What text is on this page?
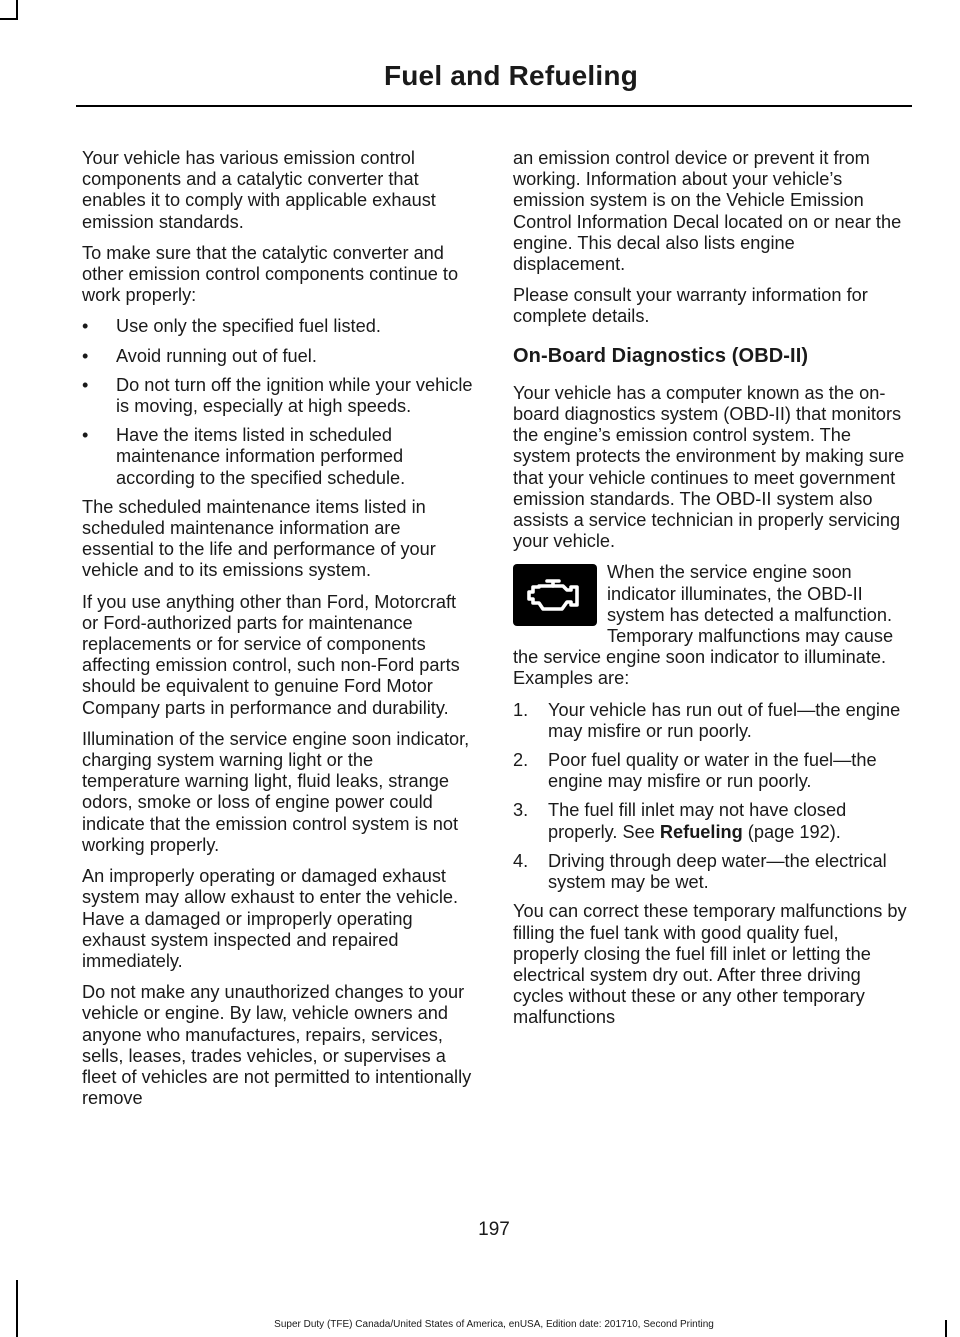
Fuel and Refueling

Your vehicle has various emission control components and a catalytic converter that enables it to comply with applicable exhaust emission standards.

To make sure that the catalytic converter and other emission control components continue to work properly:

• Use only the specified fuel listed.
• Avoid running out of fuel.
• Do not turn off the ignition while your vehicle is moving, especially at high speeds.
• Have the items listed in scheduled maintenance information performed according to the specified schedule.

The scheduled maintenance items listed in scheduled maintenance information are essential to the life and performance of your vehicle and to its emissions system.

If you use anything other than Ford, Motorcraft or Ford-authorized parts for maintenance replacements or for service of components affecting emission control, such non-Ford parts should be equivalent to genuine Ford Motor Company parts in performance and durability.

Illumination of the service engine soon indicator, charging system warning light or the temperature warning light, fluid leaks, strange odors, smoke or loss of engine power could indicate that the emission control system is not working properly.

An improperly operating or damaged exhaust system may allow exhaust to enter the vehicle. Have a damaged or improperly operating exhaust system inspected and repaired immediately.

Do not make any unauthorized changes to your vehicle or engine. By law, vehicle owners and anyone who manufactures, repairs, services, sells, leases, trades vehicles, or supervises a fleet of vehicles are not permitted to intentionally remove

an emission control device or prevent it from working. Information about your vehicle’s emission system is on the Vehicle Emission Control Information Decal located on or near the engine. This decal also lists engine displacement.

Please consult your warranty information for complete details.

On-Board Diagnostics (OBD-II)

Your vehicle has a computer known as the on-board diagnostics system (OBD-II) that monitors the engine’s emission control system. The system protects the environment by making sure that your vehicle continues to meet government emission standards. The OBD-II system also assists a service technician in properly servicing your vehicle.

When the service engine soon indicator illuminates, the OBD-II system has detected a malfunction. Temporary malfunctions may cause the service engine soon indicator to illuminate. Examples are:

1. Your vehicle has run out of fuel—the engine may misfire or run poorly.
2. Poor fuel quality or water in the fuel—the engine may misfire or run poorly.
3. The fuel fill inlet may not have closed properly. See Refueling (page 192).
4. Driving through deep water—the electrical system may be wet.

You can correct these temporary malfunctions by filling the fuel tank with good quality fuel, properly closing the fuel fill inlet or letting the electrical system dry out. After three driving cycles without these or any other temporary malfunctions

197
Super Duty (TFE) Canada/United States of America, enUSA, Edition date: 201710, Second Printing
